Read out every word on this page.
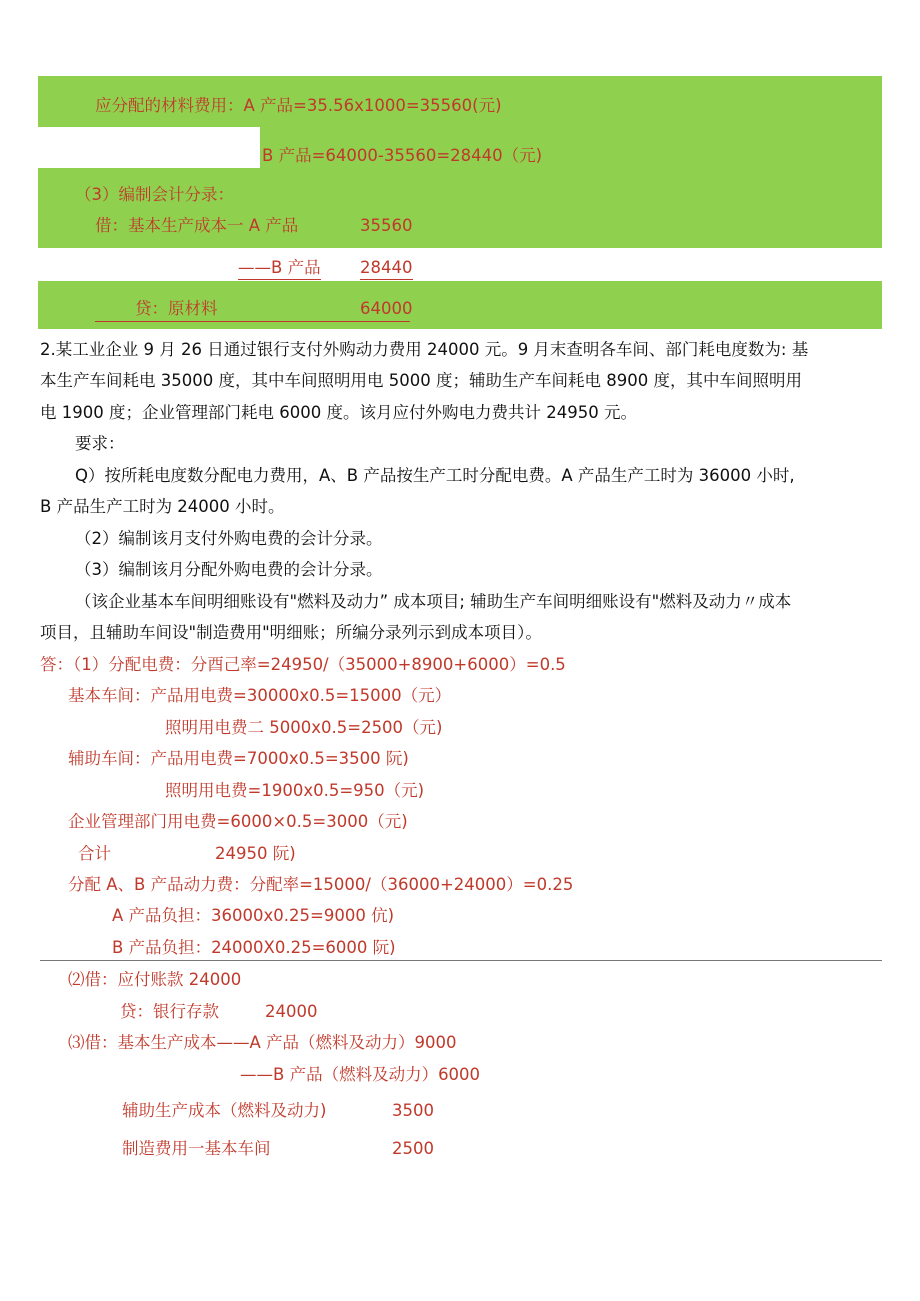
应分配的材料费用：A 产品=35.56x1000=35560(元)
B 产品=64000-35560=28440（元)
（3）编制会计分录：
借：基本生产成本一 A 产品	35560
——B 产品 28440
贷：原材料	64000
2.某工业企业 9 月 26 日通过银行支付外购动力费用 24000 元。9 月末查明各车间、部门耗电度数为: 基
本生产车间耗电 35000 度，其中车间照明用电 5000 度；辅助生产车间耗电 8900 度，其中车间照明用
电 1900 度；企业管理部门耗电 6000 度。该月应付外购电力费共计 24950 元。
要求：
Q）按所耗电度数分配电力费用，A、B 产品按生产工时分配电费。A 产品生产工时为 36000 小时,
B 产品生产工时为 24000 小时。
（2）编制该月支付外购电费的会计分录。
（3）编制该月分配外购电费的会计分录。
（该企业基本车间明细账设有"燃料及动力” 成本项目; 辅助生产车间明细账设有"燃料及动力〃成本
项目，且辅助车间设"制造费用"明细账；所编分录列示到成本项目）。
答：（1）分配电费：分酉己率=24950/（35000+8900+6000）=0.5
基本车间：产品用电费=30000x0.5=15000（元）
照明用电费二 5000x0.5=2500（元)
辅助车间：产品用电费=7000x0.5=3500 阮)
照明用电费=1900x0.5=950（元)
企业管理部门用电费=6000×0.5=3000（元)
合计	24950 阮)
分配 A、B 产品动力费：分配率=15000/（36000+24000）=0.25
A 产品负担：36000x0.25=9000 伉)
B 产品负担：24000X0.25=6000 阮)
⑵借：应付账款 24000
贷：银行存款	24000
⑶借：基本生产成本——A 产品（燃料及动力）9000
——B 产品（燃料及动力）6000
辅助生产成本（燃料及动力)	3500
制造费用一基本车间	2500
